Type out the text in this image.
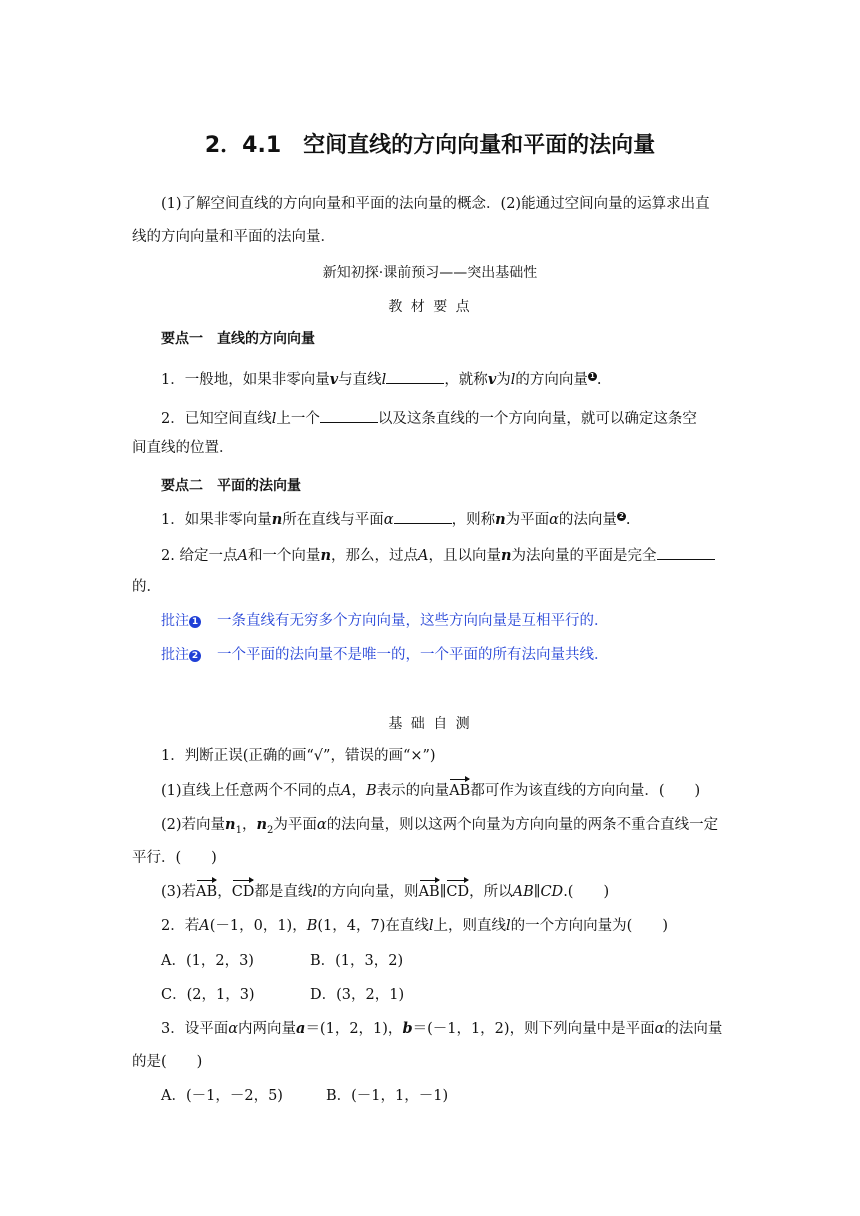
2．4.1　空间直线的方向向量和平面的法向量
(1)了解空间直线的方向向量和平面的法向量的概念．(2)能通过空间向量的运算求出直
线的方向向量和平面的法向量．
新知初探·课前预习——突出基础性
教 材 要 点
要点一　直线的方向向量
1．一般地，如果非零向量v与直线l	，就称v为l的方向向量 1 .
2．已知空间直线l上一个	以及这条直线的一个方向向量，就可以确定这条空
间直线的位置．
要点二　平面的法向量
1．如果非零向量n所在直线与平面α	，则称n为平面α的法向量 2 .
2. 给定一点A和一个向量n，那么，过点A，且以向量n为法向量的平面是完全
的．
批注 1 一条直线有无穷多个方向向量，这些方向向量是互相平行的．
批注 2 一个平面的法向量不是唯一的，一个平面的所有法向量共线．
基 础 自 测
1．判断正误(正确的画“√”，错误的画“×”)
(1)直线上任意两个不同的点A，B表示的向量AB都可作为该直线的方向向量．( )
(2)若向量$n_1$，$n_2$为平面α的法向量，则以这两个向量为方向向量的两条不重合直线一定
平行．( )
(3)若AB，CD都是直线l的方向向量，则AB∥CD，所以AB∥CD.( )
2．若A(－1，0，1)，B(1，4，7)在直线l上，则直线l的一个方向向量为( )
A．(1，2，3)	B．(1，3，2)
C．(2，1，3)	D．(3，2，1)
3．设平面α内两向量a＝(1，2，1)，b＝(－1，1，2)，则下列向量中是平面α的法向量
的是( )
A．(－1，－2，5)	B．(－1，1，－1)
